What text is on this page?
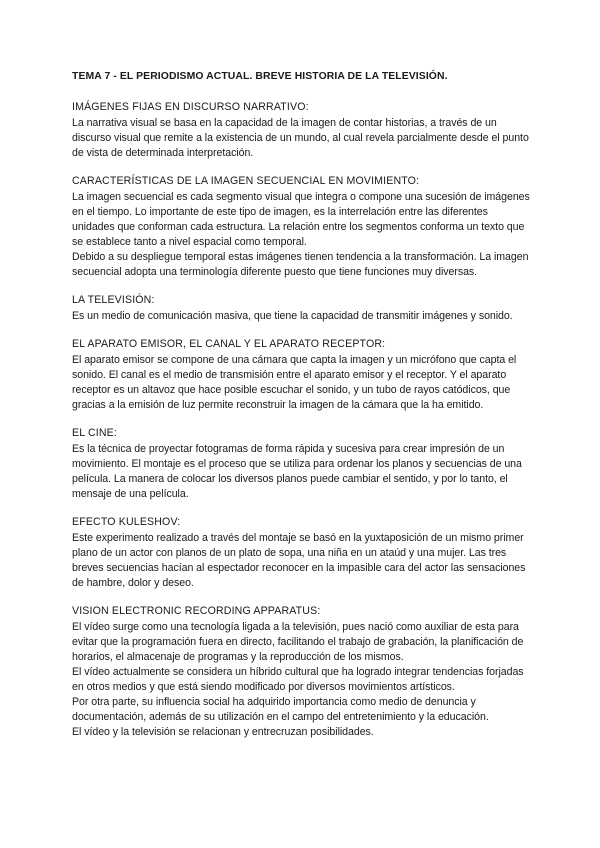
TEMA 7 - EL PERIODISMO ACTUAL. BREVE HISTORIA DE LA TELEVISIÓN.
IMÁGENES FIJAS EN DISCURSO NARRATIVO:

La narrativa visual se basa en la capacidad de la imagen de contar historias, a través de un discurso visual que remite a la existencia de un mundo, al cual revela parcialmente desde el punto de vista de determinada interpretación.

CARACTERÍSTICAS DE LA IMAGEN SECUENCIAL EN MOVIMIENTO:

La imagen secuencial es cada segmento visual que integra o compone una sucesión de imágenes en el tiempo. Lo importante de este tipo de imagen, es la interrelación entre las diferentes unidades que conforman cada estructura. La relación entre los segmentos conforma un texto que se establece tanto a nivel espacial como temporal.

Debido a su despliegue temporal estas imágenes tienen tendencia a la transformación. La imagen secuencial adopta una terminología diferente puesto que tiene funciones muy diversas.

LA TELEVISIÓN:

Es un medio de comunicación masiva, que tiene la capacidad de transmitir imágenes y sonido.

EL APARATO EMISOR, EL CANAL Y EL APARATO RECEPTOR:

El aparato emisor se compone de una cámara que capta la imagen y un micrófono que capta el sonido. El canal es el medio de transmisión entre el aparato emisor y el receptor. Y el aparato receptor es un altavoz que hace posible escuchar el sonido, y un tubo de rayos catódicos, que gracias a la emisión de luz permite reconstruir la imagen de la cámara que la ha emitido.

EL CINE:

Es la técnica de proyectar fotogramas de forma rápida y sucesiva para crear impresión de un movimiento. El montaje es el proceso que se utiliza para ordenar los planos y secuencias de una película. La manera de colocar los diversos planos puede cambiar el sentido, y por lo tanto, el mensaje de una película.

EFECTO KULESHOV:

Este experimento realizado a través del montaje se basó en la yuxtaposición de un mismo primer plano de un actor con planos de un plato de sopa, una niña en un ataúd y una mujer. Las tres breves secuencias hacían al espectador reconocer en la impasible cara del actor las sensaciones de hambre, dolor y deseo.

VISION ELECTRONIC RECORDING APPARATUS:

El vídeo surge como una tecnología ligada a la televisión, pues nació como auxiliar de esta para evitar que la programación fuera en directo, facilitando el trabajo de grabación, la planificación de horarios, el almacenaje de programas y la reproducción de los mismos.

El vídeo actualmente se considera un híbrido cultural que ha logrado integrar tendencias forjadas en otros medios y que está siendo modificado por diversos movimientos artísticos.

Por otra parte, su influencia social ha adquirido importancia como medio de denuncia y documentación, además de su utilización en el campo del entretenimiento y la educación.

El vídeo y la televisión se relacionan y entrecruzan posibilidades.
